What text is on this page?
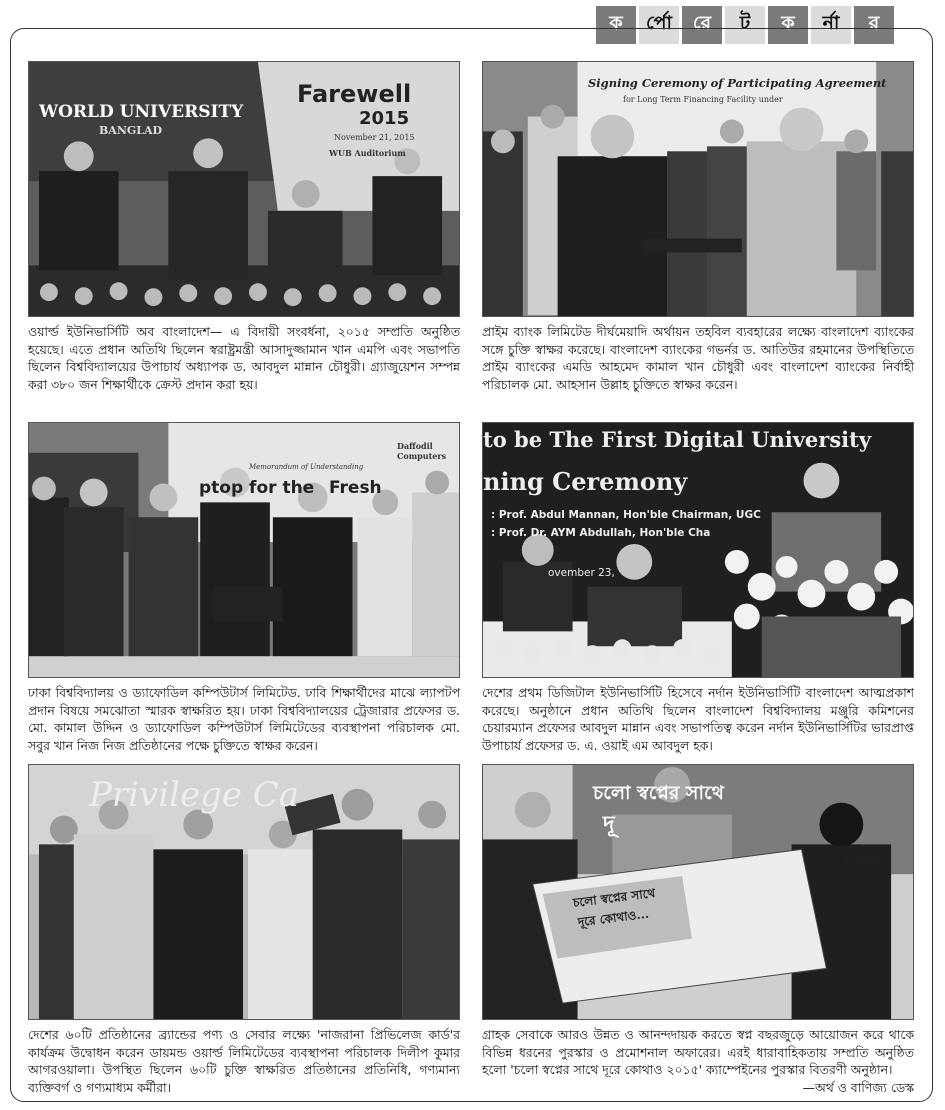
ক	র্পো	রে	ট	ক	র্না	র
WORLD UNIVERSITY
BANGLAD
Farewell
2015
November 21, 2015
WUB Auditorium
ওয়ার্ল্ড ইউনিভার্সিটি অব বাংলাদেশ— এ বিদায়ী সংবর্ধনা, ২০১৫ সম্প্রতি অনুষ্ঠিত হয়েছে। এতে প্রধান অতিথি ছিলেন স্বরাষ্ট্রমন্ত্রী আসাদুজ্জামান খান এমপি এবং সভাপতি ছিলেন বিশ্ববিদ্যালয়ের উপাচার্য অধ্যাপক ড. আবদুল মান্নান চৌধুরী। গ্র্যাজুয়েশন সম্পন্ন করা ৩৮০ জন শিক্ষার্থীকে ক্রেস্ট প্রদান করা হয়।
Signing Ceremony of Participating Agreement
for Long Term Financing Facility under
প্রাইম ব্যাংক লিমিটেড দীর্ঘমেয়াদি অর্থায়ন তহবিল ব্যবহারের লক্ষ্যে বাংলাদেশ ব্যাংকের সঙ্গে চুক্তি স্বাক্ষর করেছে। বাংলাদেশ ব্যাংকের গভর্নর ড. আতিউর রহমানের উপস্থিতিতে প্রাইম ব্যাংকের এমডি আহমেদ কামাল খান চৌধুরী এবং বাংলাদেশ ব্যাংকের নির্বাহী পরিচালক মো. আহসান উল্লাহ চুক্তিতে স্বাক্ষর করেন।
Memorandum of Understanding
ptop for the Fresh
Daffodil Computers
ঢাকা বিশ্ববিদ্যালয় ও ড্যাফোডিল কম্পিউটার্স লিমিটেড. ঢাবি শিক্ষার্থীদের মাঝে ল্যাপটপ প্রদান বিষয়ে সমঝোতা স্মারক স্বাক্ষরিত হয়। ঢাকা বিশ্ববিদ্যালয়ের ট্রেজারার প্রফেসর ড. মো. কামাল উদ্দিন ও ড্যাফোডিল কম্পিউটার্স লিমিটেডের ব্যবস্থাপনা পরিচালক মো. সবুর খান নিজ নিজ প্রতিষ্ঠানের পক্ষে চুক্তিতে স্বাক্ষর করেন।
to be The First Digital University
ning Ceremony
: Prof. Abdul Mannan, Hon'ble Chairman, UGC
: Prof. Dr. AYM Abdullah, Hon'ble Cha
ovember 23,
দেশের প্রথম ডিজিটাল ইউনিভার্সিটি হিসেবে নর্দান ইউনিভার্সিটি বাংলাদেশ আত্মপ্রকাশ করেছে। অনুষ্ঠানে প্রধান অতিথি ছিলেন বাংলাদেশ বিশ্ববিদ্যালয় মঞ্জুরি কমিশনের চেয়ারম্যান প্রফেসর আবদুল মান্নান এবং সভাপতিত্ব করেন নর্দান ইউনিভার্সিটির ভারপ্রাপ্ত উপাচার্য প্রফেসর ড. এ. ওয়াই এম আবদুল হক।
Privilege Ca
দেশের ৬০টি প্রতিষ্ঠানের ব্র্যান্ডের পণ্য ও সেবার লক্ষ্যে 'নাজরানা প্রিভিলেজ কার্ড'র কার্যক্রম উদ্বোধন করেন ডায়মন্ড ওয়ার্ল্ড লিমিটেডের ব্যবস্থাপনা পরিচালক দিলীপ কুমার আগরওয়ালা। উপস্থিত ছিলেন ৬০টি চুক্তি স্বাক্ষরিত প্রতিষ্ঠানের প্রতিনিধি, গণ্যমান্য ব্যক্তিবর্গ ও গণ্যমাধ্যম কর্মীরা।
চলো স্বপ্নের সাথে
দূ
চলো স্বপ্নের সাথে
দূরে কোথাও...
ম পুরস্কার
গ্রাহক সেবাকে আরও উন্নত ও আনন্দদায়ক করতে স্বপ্ন বছরজুড়ে আয়োজন করে থাকে বিভিন্ন ধরনের পুরস্কার ও প্রমোশনাল অফারের। এরই ধারাবাহিকতায় সম্প্রতি অনুষ্ঠিত হলো 'চলো স্বপ্নের সাথে দূরে কোথাও ২০১৫' ক্যাম্পেইনের পুরস্কার বিতরণী অনুষ্ঠান।
—অর্থ ও বাণিজ্য ডেস্ক
